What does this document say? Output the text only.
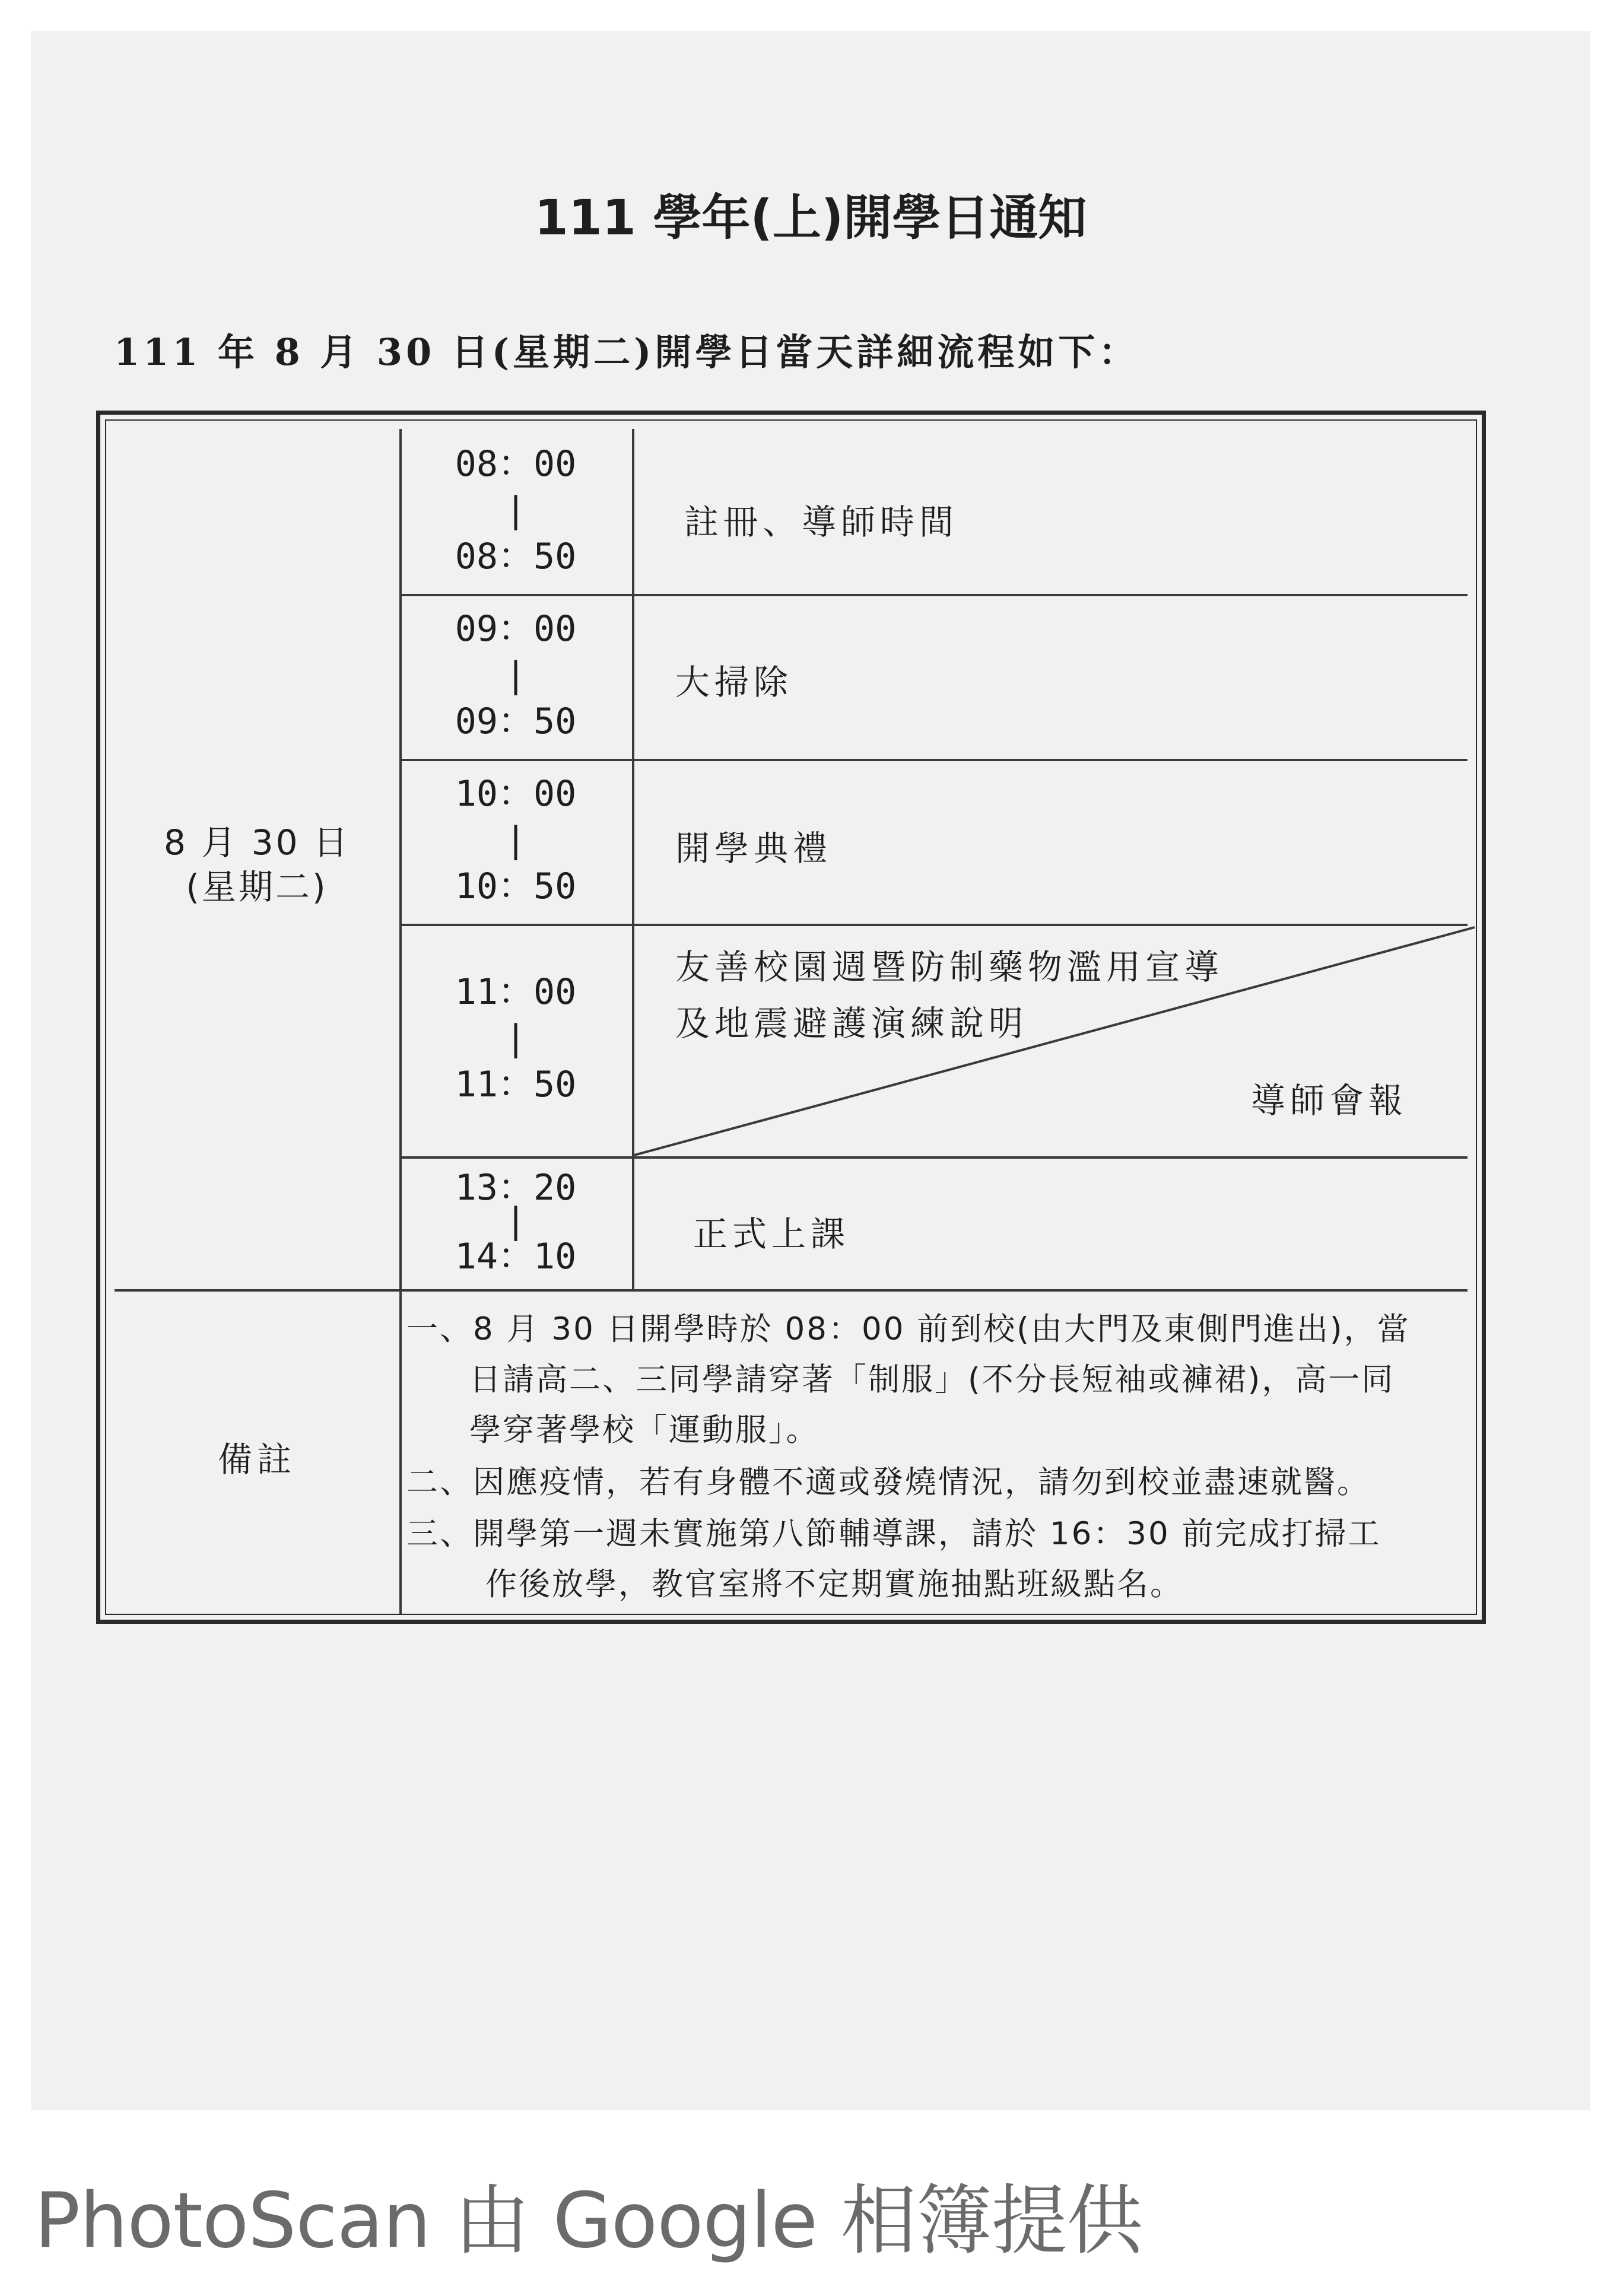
111 學年(上)開學日通知
111 年 8 月 30 日(星期二)開學日當天詳細流程如下：
8 月 30 日
(星期二)
08：00
|
08：50
註冊、導師時間
09：00
|
09：50
大掃除
10：00
|
10：50
開學典禮
11：00
|
11：50
友善校園週暨防制藥物濫用宣導
及地震避護演練說明
導師會報
13：20
|
14：10
正式上課
備註
一、8 月 30 日開學時於 08：00 前到校(由大門及東側門進出)，當
日請高二、三同學請穿著「制服」(不分長短袖或褲裙)，高一同
學穿著學校「運動服」。
二、因應疫情，若有身體不適或發燒情況，請勿到校並盡速就醫。
三、開學第一週未實施第八節輔導課，請於 16：30 前完成打掃工
作後放學，教官室將不定期實施抽點班級點名。
PhotoScan 由 Google 相簿提供
